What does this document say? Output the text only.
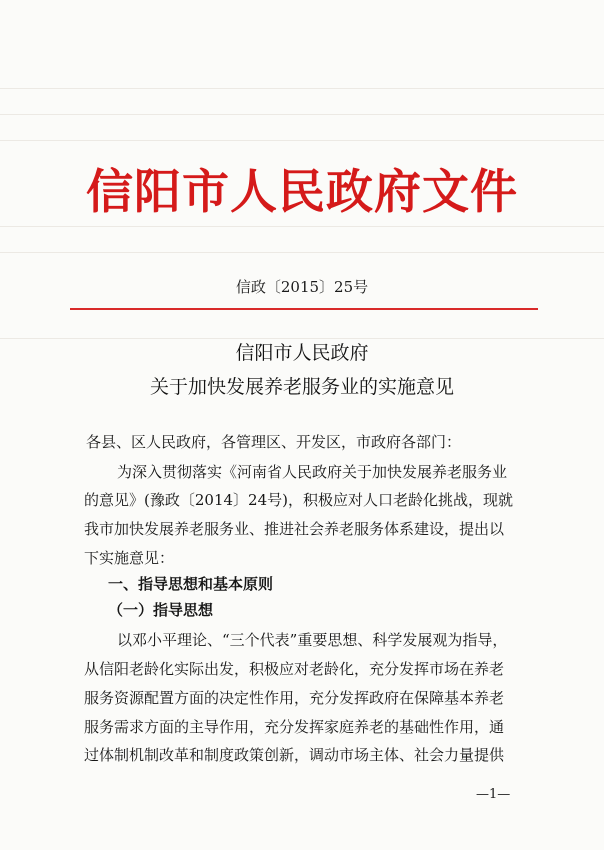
信阳市人民政府文件
信政〔2015〕25号
信阳市人民政府
关于加快发展养老服务业的实施意见
各县、区人民政府，各管理区、开发区，市政府各部门：
为深入贯彻落实《河南省人民政府关于加快发展养老服务业
的意见》(豫政〔2014〕24号)，积极应对人口老龄化挑战，现就
我市加快发展养老服务业、推进社会养老服务体系建设，提出以
下实施意见：
一、指导思想和基本原则
（一）指导思想
以邓小平理论、“三个代表”重要思想、科学发展观为指导，
从信阳老龄化实际出发，积极应对老龄化，充分发挥市场在养老
服务资源配置方面的决定性作用，充分发挥政府在保障基本养老
服务需求方面的主导作用，充分发挥家庭养老的基础性作用，通
过体制机制改革和制度政策创新，调动市场主体、社会力量提供
—1—
